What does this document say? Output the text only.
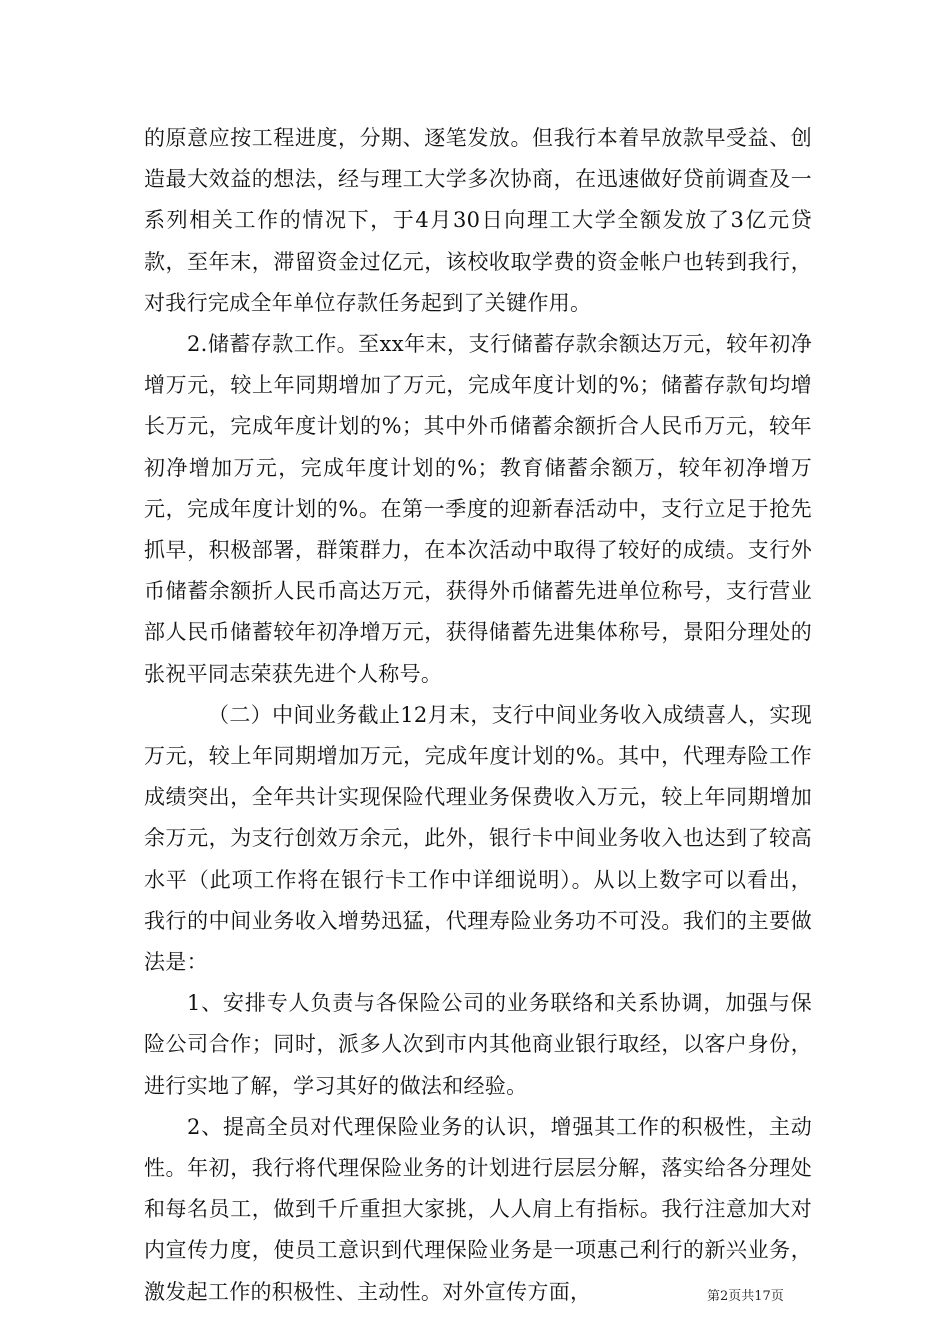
的原意应按工程进度，分期、逐笔发放。但我行本着早放款早受益、创造最大效益的想法，经与理工大学多次协商，在迅速做好贷前调查及一系列相关工作的情况下，于4月30日向理工大学全额发放了3亿元贷款，至年末，滞留资金过亿元，该校收取学费的资金帐户也转到我行，对我行完成全年单位存款任务起到了关键作用。

2.储蓄存款工作。至xx年末，支行储蓄存款余额达万元，较年初净增万元，较上年同期增加了万元，完成年度计划的%；储蓄存款旬均增长万元，完成年度计划的%；其中外币储蓄余额折合人民币万元，较年初净增加万元，完成年度计划的%；教育储蓄余额万，较年初净增万元，完成年度计划的%。在第一季度的迎新春活动中，支行立足于抢先抓早，积极部署，群策群力，在本次活动中取得了较好的成绩。支行外币储蓄余额折人民币高达万元，获得外币储蓄先进单位称号，支行营业部人民币储蓄较年初净增万元，获得储蓄先进集体称号，景阳分理处的张祝平同志荣获先进个人称号。

（二）中间业务截止12月末，支行中间业务收入成绩喜人，实现万元，较上年同期增加万元，完成年度计划的%。其中，代理寿险工作成绩突出，全年共计实现保险代理业务保费收入万元，较上年同期增加余万元，为支行创效万余元，此外，银行卡中间业务收入也达到了较高水平（此项工作将在银行卡工作中详细说明）。从以上数字可以看出，我行的中间业务收入增势迅猛，代理寿险业务功不可没。我们的主要做法是：

1、安排专人负责与各保险公司的业务联络和关系协调，加强与保险公司合作；同时，派多人次到市内其他商业银行取经，以客户身份，进行实地了解，学习其好的做法和经验。

2、提高全员对代理保险业务的认识，增强其工作的积极性，主动性。年初，我行将代理保险业务的计划进行层层分解，落实给各分理处和每名员工，做到千斤重担大家挑，人人肩上有指标。我行注意加大对内宣传力度，使员工意识到代理保险业务是一项惠己利行的新兴业务，激发起工作的积极性、主动性。对外宣传方面，	第2页共17页
